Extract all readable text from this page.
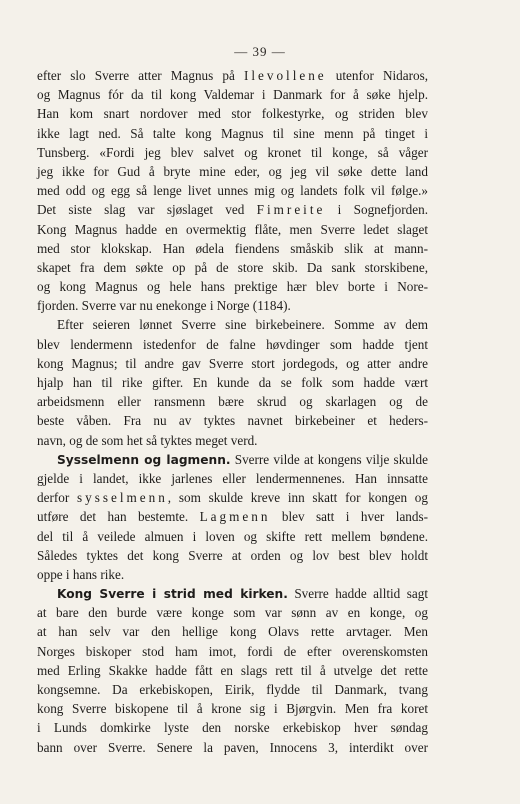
— 39 —
efter slo Sverre atter Magnus på Ilevollene utenfor Nidaros,
og Magnus fór da til kong Valdemar i Danmark for å søke hjelp.
Han kom snart nordover med stor folkestyrke, og striden blev
ikke lagt ned. Så talte kong Magnus til sine menn på tinget i
Tunsberg. «Fordi jeg blev salvet og kronet til konge, så våger
jeg ikke for Gud å bryte mine eder, og jeg vil søke dette land
med odd og egg så lenge livet unnes mig og landets folk vil følge.»
Det siste slag var sjøslaget ved Fimreite i Sognefjorden.
Kong Magnus hadde en overmektig flåte, men Sverre ledet slaget
med stor klokskap. Han ødela fiendens småskib slik at mann-
skapet fra dem søkte op på de store skib. Da sank storskibene,
og kong Magnus og hele hans prektige hær blev borte i Nore-
fjorden. Sverre var nu enekonge i Norge (1184).
Efter seieren lønnet Sverre sine birkebeinere. Somme av dem
blev lendermenn istedenfor de falne høvdinger som hadde tjent
kong Magnus; til andre gav Sverre stort jordegods, og atter andre
hjalp han til rike gifter. En kunde da se folk som hadde vært
arbeidsmenn eller ransmenn bære skrud og skarlagen og de
beste våben. Fra nu av tyktes navnet birkebeiner et heders-
navn, og de som het så tyktes meget verd.
Sysselmenn og lagmenn. Sverre vilde at kongens vilje skulde
gjelde i landet, ikke jarlenes eller lendermennenes. Han innsatte
derfor sysselmenn, som skulde kreve inn skatt for kongen og
utføre det han bestemte. Lagmenn blev satt i hver lands-
del til å veilede almuen i loven og skifte rett mellem bøndene.
Således tyktes det kong Sverre at orden og lov best blev holdt
oppe i hans rike.
Kong Sverre i strid med kirken. Sverre hadde alltid sagt
at bare den burde være konge som var sønn av en konge, og
at han selv var den hellige kong Olavs rette arvtager. Men
Norges biskoper stod ham imot, fordi de efter overenskomsten
med Erling Skakke hadde fått en slags rett til å utvelge det rette
kongsemne. Da erkebiskopen, Eirik, flydde til Danmark, tvang
kong Sverre biskopene til å krone sig i Bjørgvin. Men fra koret
i Lunds domkirke lyste den norske erkebiskop hver søndag
bann over Sverre. Senere la paven, Innocens 3, interdikt over
